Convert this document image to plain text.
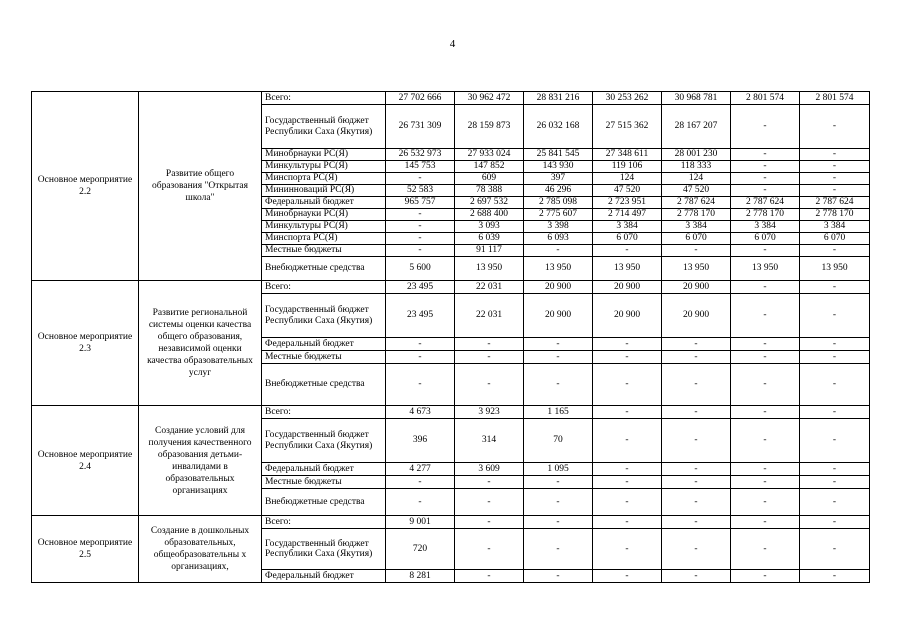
4
Основное мероприятие 2.2	Развитие общего образования "Открытая школа"	Всего:	27 702 666	30 962 472	28 831 216	30 253 262	30 968 781	2 801 574	2 801 574
		Государственный бюджет Республики Саха (Якутия)	26 731 309	28 159 873	26 032 168	27 515 362	28 167 207	-	-
		Минобрнауки РС(Я)	26 532 973	27 933 024	25 841 545	27 348 611	28 001 230	-	-
		Минкультуры РС(Я)	145 753	147 852	143 930	119 106	118 333	-	-
		Минспорта РС(Я)	-	609	397	124	124	-	-
		Мининноваций РС(Я)	52 583	78 388	46 296	47 520	47 520	-	-
		Федеральный бюджет	965 757	2 697 532	2 785 098	2 723 951	2 787 624	2 787 624	2 787 624
		Минобрнауки РС(Я)	-	2 688 400	2 775 607	2 714 497	2 778 170	2 778 170	2 778 170
		Минкультуры РС(Я)	-	3 093	3 398	3 384	3 384	3 384	3 384
		Минспорта РС(Я)	-	6 039	6 093	6 070	6 070	6 070	6 070
		Местные бюджеты	-	91 117	-	-	-	-	-
		Внебюджетные средства	5 600	13 950	13 950	13 950	13 950	13 950	13 950
Основное мероприятие 2.3	Развитие региональной системы оценки качества общего образования, независимой оценки качества образовательных услуг	Всего:	23 495	22 031	20 900	20 900	20 900	-	-
		Государственный бюджет Республики Саха (Якутия)	23 495	22 031	20 900	20 900	20 900	-	-
		Федеральный бюджет	-	-	-	-	-	-	-
		Местные бюджеты	-	-	-	-	-	-	-
		Внебюджетные средства	-	-	-	-	-	-	-
Основное мероприятие 2.4	Создание условий для получения качественного образования детьми-инвалидами в образовательных организациях	Всего:	4 673	3 923	1 165	-	-	-	-
		Государственный бюджет Республики Саха (Якутия)	396	314	70	-	-	-	-
		Федеральный бюджет	4 277	3 609	1 095	-	-	-	-
		Местные бюджеты	-	-	-	-	-	-	-
		Внебюджетные средства	-	-	-	-	-	-	-
Основное мероприятие 2.5	Создание в дошкольных образовательных, общеобразовательны х организациях,	Всего:	9 001	-	-	-	-	-	-
		Государственный бюджет Республики Саха (Якутия)	720	-	-	-	-	-	-
		Федеральный бюджет	8 281	-	-	-	-	-	-
